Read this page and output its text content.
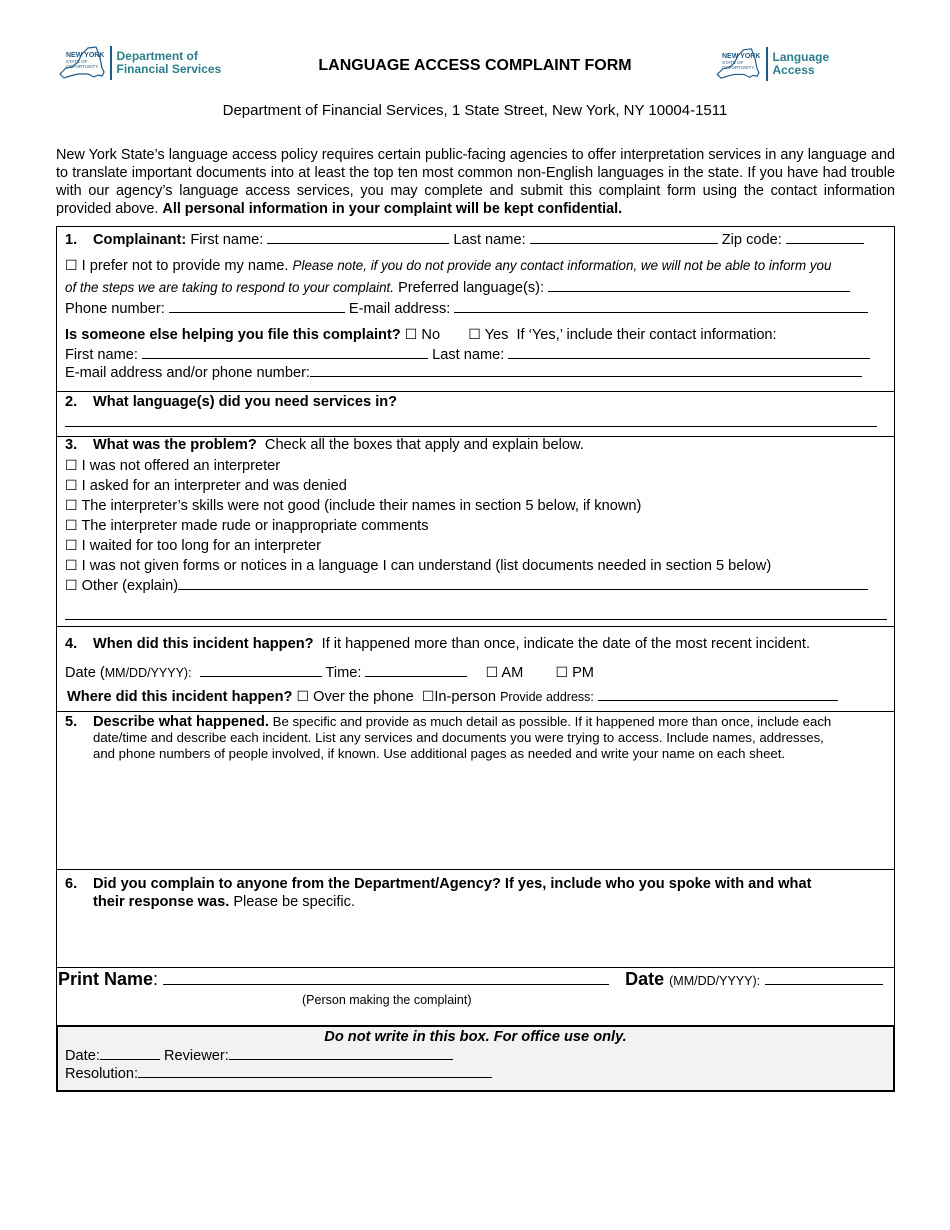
NEW YORK
STATE OF
OPPORTUNITY
Department of
Financial Services	LANGUAGE ACCESS COMPLAINT FORM
NEW YORK
STATE OF
OPPORTUNITY
Language
Access
Department of Financial Services, 1 State Street, New York, NY 10004-1511
New York State’s language access policy requires certain public-facing agencies to offer interpretation services in any language and to translate important documents into at least the top ten most common non-English languages in the state. If you have had trouble with our agency’s language access services, you may complete and submit this complaint form using the contact information provided above. All personal information in your complaint will be kept confidential.
1. Complainant: First name:	Last name:	Zip code:
☐ I prefer not to provide my name. Please note, if you do not provide any contact information, we will not be able to inform you
of the steps we are taking to respond to your complaint. Preferred language(s):
Phone number:	E-mail address:
Is someone else helping you file this complaint? ☐ No ☐ Yes If ‘Yes,’ include their contact information:
First name:	Last name:
E-mail address and/or phone number:
2. What language(s) did you need services in?
3. What was the problem? Check all the boxes that apply and explain below.
☐ I was not offered an interpreter
☐ I asked for an interpreter and was denied
☐ The interpreter’s skills were not good (include their names in section 5 below, if known)
☐ The interpreter made rude or inappropriate comments
☐ I waited for too long for an interpreter
☐ I was not given forms or notices in a language I can understand (list documents needed in section 5 below)
☐ Other (explain)
4. When did this incident happen? If it happened more than once, indicate the date of the most recent incident.
Date (MM/DD/YYYY):	Time:	☐ AM ☐ PM
Where did this incident happen? ☐ Over the phone ☐In-person Provide address:
5. Describe what happened. Be specific and provide as much detail as possible. If it happened more than once, include each
date/time and describe each incident. List any services and documents you were trying to access. Include names, addresses,
and phone numbers of people involved, if known. Use additional pages as needed and write your name on each sheet.
6. Did you complain to anyone from the Department/Agency? If yes, include who you spoke with and what
their response was. Please be specific.
Print Name:	Date (MM/DD/YYYY):
(Person making the complaint)
Do not write in this box. For office use only.
Date:	Reviewer:
Resolution:
